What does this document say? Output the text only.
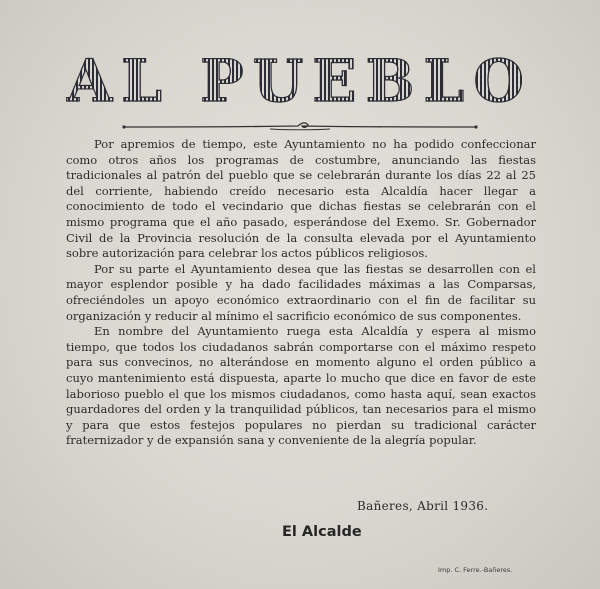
AL PUEBLO

Por apremios de tiempo, este Ayuntamiento no ha podido confeccionar como otros años los programas de costumbre, anunciando las fiestas tradicionales al patrón del pueblo que se celebrarán durante los días 22 al 25 del corriente, habiendo creído necesario esta Alcaldía hacer llegar a conocimiento de todo el vecindario que dichas fiestas se celebrarán con el mismo programa que el año pasado, esperándose del Exemo. Sr. Gobernador Civil de la Provincia resolución de la consulta elevada por el Ayuntamiento sobre autorización para celebrar los actos públicos religiosos.

Por su parte el Ayuntamiento desea que las fiestas se desarrollen con el mayor esplendor posible y ha dado facilidades máximas a las Comparsas, ofreciéndoles un apoyo económico extraordinario con el fin de facilitar su organización y reducir al mínimo el sacrificio económico de sus componentes.

En nombre del Ayuntamiento ruega esta Alcaldía y espera al mismo tiempo, que todos los ciudadanos sabrán comportarse con el máximo respeto para sus convecinos, no alterándose en momento alguno el orden público a cuyo mantenimiento está dispuesta, aparte lo mucho que dice en favor de este laborioso pueblo el que los mismos ciudadanos, como hasta aquí, sean exactos guardadores del orden y la tranquilidad públicos, tan necesarios para el mismo y para que estos festejos populares no pierdan su tradicional carácter fraternizador y de expansión sana y conveniente de la alegría popular.

Bañeres, Abril 1936.
El Alcalde
Imp. C. Ferre.-Bañeres.
